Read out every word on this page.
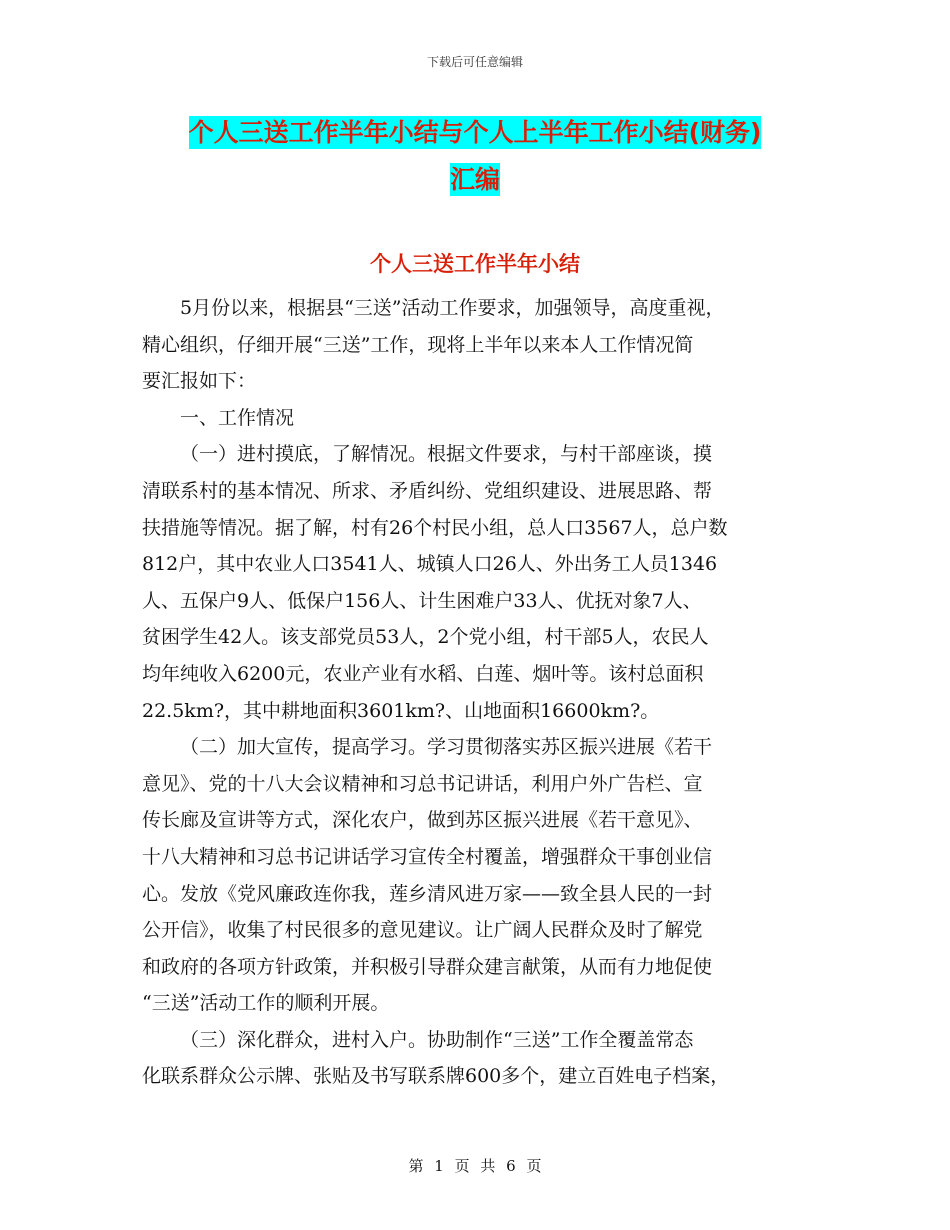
下载后可任意编辑
个人三送工作半年小结与个人上半年工作小结(财务)
汇编
个人三送工作半年小结
5月份以来，根据县“三送”活动工作要求，加强领导，高度重视，
精心组织，仔细开展“三送”工作，现将上半年以来本人工作情况简
要汇报如下：
一、工作情况
（一）进村摸底，了解情况。根据文件要求，与村干部座谈，摸
清联系村的基本情况、所求、矛盾纠纷、党组织建设、进展思路、帮
扶措施等情况。据了解，村有26个村民小组，总人口3567人，总户数
812户，其中农业人口3541人、城镇人口26人、外出务工人员1346
人、五保户9人、低保户156人、计生困难户33人、优抚对象7人、
贫困学生42人。该支部党员53人，2个党小组，村干部5人，农民人
均年纯收入6200元，农业产业有水稻、白莲、烟叶等。该村总面积
22.5km?，其中耕地面积3601km?、山地面积16600km?。
（二）加大宣传，提高学习。学习贯彻落实苏区振兴进展《若干
意见》、党的十八大会议精神和习总书记讲话，利用户外广告栏、宣
传长廊及宣讲等方式，深化农户，做到苏区振兴进展《若干意见》、
十八大精神和习总书记讲话学习宣传全村覆盖，增强群众干事创业信
心。发放《党风廉政连你我，莲乡清风进万家——致全县人民的一封
公开信》，收集了村民很多的意见建议。让广阔人民群众及时了解党
和政府的各项方针政策，并积极引导群众建言献策，从而有力地促使
“三送”活动工作的顺利开展。
（三）深化群众，进村入户。协助制作“三送”工作全覆盖常态
化联系群众公示牌、张贴及书写联系牌600多个，建立百姓电子档案，
第 1 页 共 6 页
